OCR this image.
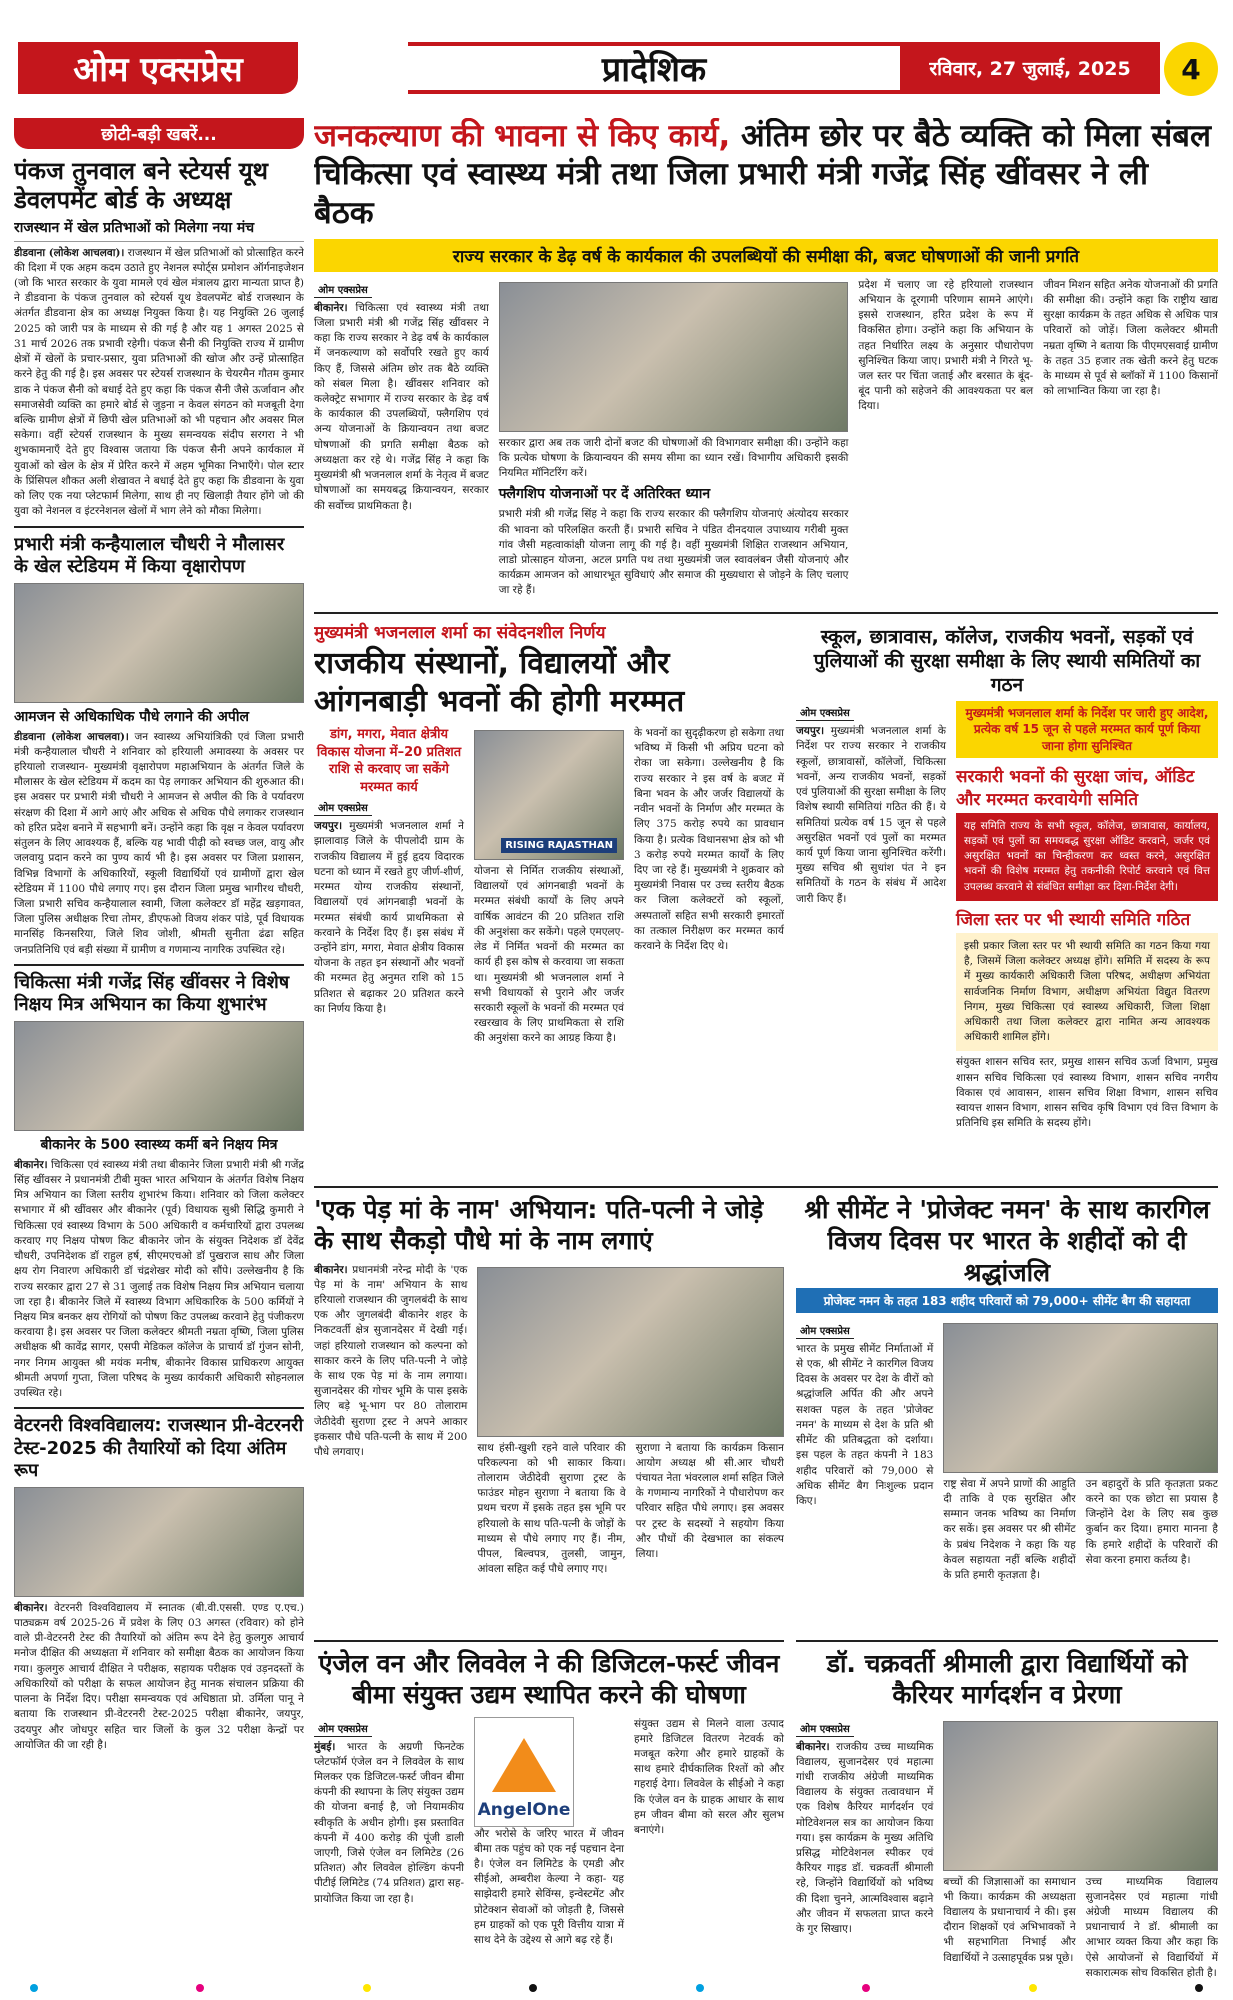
ओम एक्सप्रेस	प्रादेशिक	रविवार, 27 जुलाई, 2025	4
छोटी-बड़ी खबरें...
पंकज तुनवाल बने स्टेयर्स यूथ डेवलपमेंट बोर्ड के अध्यक्ष
राजस्थान में खेल प्रतिभाओं को मिलेगा नया मंच

डीडवाना (लोकेश आचलवा)। राजस्थान में खेल प्रतिभाओं को प्रोत्साहित करने की दिशा में एक अहम कदम उठाते हुए नेशनल स्पोर्ट्स प्रमोशन ऑर्गनाइजेशन (जो कि भारत सरकार के युवा मामले एवं खेल मंत्रालय द्वारा मान्यता प्राप्त है) ने डीडवाना के पंकज तुनवाल को स्टेयर्स यूथ डेवलपमेंट बोर्ड राजस्थान के अंतर्गत डीडवाना क्षेत्र का अध्यक्ष नियुक्त किया है। यह नियुक्ति 26 जुलाई 2025 को जारी पत्र के माध्यम से की गई है और यह 1 अगस्त 2025 से 31 मार्च 2026 तक प्रभावी रहेगी। पंकज सैनी की नियुक्ति राज्य में ग्रामीण क्षेत्रों में खेलों के प्रचार-प्रसार, युवा प्रतिभाओं की खोज और उन्हें प्रोत्साहित करने हेतु की गई है। इस अवसर पर स्टेयर्स राजस्थान के चेयरमैन गौतम कुमार डाक ने पंकज सैनी को बधाई देते हुए कहा कि पंकज सैनी जैसे ऊर्जावान और समाजसेवी व्यक्ति का हमारे बोर्ड से जुड़ना न केवल संगठन को मजबूती देगा बल्कि ग्रामीण क्षेत्रों में छिपी खेल प्रतिभाओं को भी पहचान और अवसर मिल सकेगा। वहीं स्टेयर्स राजस्थान के मुख्य समन्वयक संदीप सरगरा ने भी शुभकामनाएँ देते हुए विश्वास जताया कि पंकज सैनी अपने कार्यकाल में युवाओं को खेल के क्षेत्र में प्रेरित करने में अहम भूमिका निभाएँगे। पोल स्टार के प्रिंसिपल शौकत अली शेखावत ने बधाई देते हुए कहा कि डीडवाना के युवा को लिए एक नया प्लेटफार्म मिलेगा, साथ ही नए खिलाड़ी तैयार होंगे जो की युवा को नेशनल व इंटरनेशनल खेलों में भाग लेने को मौका मिलेगा।

प्रभारी मंत्री कन्हैयालाल चौधरी ने मौलासर के खेल स्टेडियम में किया वृक्षारोपण
आमजन से अधिकाधिक पौधे लगाने की अपील

डीडवाना (लोकेश आचलवा)। जन स्वास्थ्य अभियांत्रिकी एवं जिला प्रभारी मंत्री कन्हैयालाल चौधरी ने शनिवार को हरियाली अमावस्या के अवसर पर हरियालो राजस्थान- मुख्यमंत्री वृक्षारोपण महाअभियान के अंतर्गत जिले के मौलासर के खेल स्टेडियम में कदम का पेड़ लगाकर अभियान की शुरुआत की। इस अवसर पर प्रभारी मंत्री चौधरी ने आमजन से अपील की कि वे पर्यावरण संरक्षण की दिशा में आगे आएं और अधिक से अधिक पौधे लगाकर राजस्थान को हरित प्रदेश बनाने में सहभागी बनें। उन्होंने कहा कि वृक्ष न केवल पर्यावरण संतुलन के लिए आवश्यक हैं, बल्कि यह भावी पीढ़ी को स्वच्छ जल, वायु और जलवायु प्रदान करने का पुण्य कार्य भी है। इस अवसर पर जिला प्रशासन, विभिन्न विभागों के अधिकारियों, स्कूली विद्यार्थियों एवं ग्रामीणों द्वारा खेल स्टेडियम में 1100 पौधे लगाए गए। इस दौरान जिला प्रमुख भागीरथ चौधरी, जिला प्रभारी सचिव कन्हैयालाल स्वामी, जिला कलेक्टर डॉ महेंद्र खड़गावत, जिला पुलिस अधीक्षक रिचा तोमर, डीएफओ विजय शंकर पांडे, पूर्व विधायक मानसिंह किनसरिया, जिले शिव जोशी, श्रीमती सुनीता ढंढा सहित जनप्रतिनिधि एवं बड़ी संख्या में ग्रामीण व गणमान्य नागरिक उपस्थित रहे।

चिकित्सा मंत्री गजेंद्र सिंह खींवसर ने विशेष निक्षय मित्र अभियान का किया शुभारंभ
बीकानेर के 500 स्वास्थ्य कर्मी बने निक्षय मित्र

बीकानेर। चिकित्सा एवं स्वास्थ्य मंत्री तथा बीकानेर जिला प्रभारी मंत्री श्री गजेंद्र सिंह खींवसर ने प्रधानमंत्री टीबी मुक्त भारत अभियान के अंतर्गत विशेष निक्षय मित्र अभियान का जिला स्तरीय शुभारंभ किया। शनिवार को जिला कलेक्टर सभागार में श्री खींवसर और बीकानेर (पूर्व) विधायक सुश्री सिद्धि कुमारी ने चिकित्सा एवं स्वास्थ्य विभाग के 500 अधिकारी व कर्मचारियों द्वारा उपलब्ध करवाए गए निक्षय पोषण किट बीकानेर जोन के संयुक्त निदेशक डॉ देवेंद्र चौधरी, उपनिदेशक डॉ राहुल हर्ष, सीएमएचओ डॉ पुखराज साध और जिला क्षय रोग निवारण अधिकारी डॉ चंद्रशेखर मोदी को सौंपे। उल्लेखनीय है कि राज्य सरकार द्वारा 27 से 31 जुलाई तक विशेष निक्षय मित्र अभियान चलाया जा रहा है। बीकानेर जिले में स्वास्थ्य विभाग अधिकारिक के 500 कर्मियों ने निक्षय मित्र बनकर क्षय रोगियों को पोषण किट उपलब्ध करवाने हेतु पंजीकरण करवाया है। इस अवसर पर जिला कलेक्टर श्रीमती नम्रता वृष्णि, जिला पुलिस अधीक्षक श्री कावेंद्र सागर, एसपी मेडिकल कॉलेज के प्राचार्य डॉ गुंजन सोनी, नगर निगम आयुक्त श्री मयंक मनीष, बीकानेर विकास प्राधिकरण आयुक्त श्रीमती अपर्णा गुप्ता, जिला परिषद के मुख्य कार्यकारी अधिकारी सोहनलाल उपस्थित रहे।

वेटरनरी विश्वविद्यालय: राजस्थान प्री-वेटरनरी टेस्ट-2025 की तैयारियों को दिया अंतिम रूप

बीकानेर। वेटरनरी विश्वविद्यालय में स्नातक (बी.वी.एससी. एण्ड ए.एच.) पाठ्यक्रम वर्ष 2025-26 में प्रवेश के लिए 03 अगस्त (रविवार) को होने वाले प्री-वेटरनरी टेस्ट की तैयारियों को अंतिम रूप देने हेतु कुलगुरु आचार्य मनोज दीक्षित की अध्यक्षता में शनिवार को समीक्षा बैठक का आयोजन किया गया। कुलगुरु आचार्य दीक्षित ने परीक्षक, सहायक परीक्षक एवं उड़नदस्तों के अधिकारियों को परीक्षा के सफल आयोजन हेतु मानक संचालन प्रक्रिया की पालना के निर्देश दिए। परीक्षा समन्वयक एवं अधिष्ठाता प्रो. उर्मिला पानू ने बताया कि राजस्थान प्री-वेटरनरी टेस्ट-2025 परीक्षा बीकानेर, जयपुर, उदयपुर और जोधपुर सहित चार जिलों के कुल 32 परीक्षा केन्द्रों पर आयोजित की जा रही है।

जनकल्याण की भावना से किए कार्य, अंतिम छोर पर बैठे व्यक्ति को मिला संबल
चिकित्सा एवं स्वास्थ्य मंत्री तथा जिला प्रभारी मंत्री गजेंद्र सिंह खींवसर ने ली बैठक
राज्य सरकार के डेढ़ वर्ष के कार्यकाल की उपलब्धियों की समीक्षा की, बजट घोषणाओं की जानी प्रगति
ओम एक्सप्रेस

बीकानेर। चिकित्सा एवं स्वास्थ्य मंत्री तथा जिला प्रभारी मंत्री श्री गजेंद्र सिंह खींवसर ने कहा कि राज्य सरकार ने डेढ़ वर्ष के कार्यकाल में जनकल्याण को सर्वोपरि रखते हुए कार्य किए हैं, जिससे अंतिम छोर तक बैठे व्यक्ति को संबल मिला है। खींवसर शनिवार को कलेक्ट्रेट सभागार में राज्य सरकार के डेढ़ वर्ष के कार्यकाल की उपलब्धियों, फ्लैगशिप एवं अन्य योजनाओं के क्रियान्वयन तथा बजट घोषणाओं की प्रगति समीक्षा बैठक को अध्यक्षता कर रहे थे। गजेंद्र सिंह ने कहा कि मुख्यमंत्री श्री भजनलाल शर्मा के नेतृत्व में बजट घोषणाओं का समयबद्ध क्रियान्वयन, सरकार की सर्वोच्च प्राथमिकता है।

सरकार द्वारा अब तक जारी दोनों बजट की घोषणाओं की विभागवार समीक्षा की। उन्होंने कहा कि प्रत्येक घोषणा के क्रियान्वयन की समय सीमा का ध्यान रखें। विभागीय अधिकारी इसकी नियमित मॉनिटरिंग करें।

फ्लैगशिप योजनाओं पर दें अतिरिक्त ध्यान

प्रभारी मंत्री श्री गजेंद्र सिंह ने कहा कि राज्य सरकार की फ्लैगशिप योजनाएं अंत्योदय सरकार की भावना को परिलक्षित करती हैं। प्रभारी सचिव ने पंडित दीनदयाल उपाध्याय गरीबी मुक्त गांव जैसी महत्वाकांक्षी योजना लागू की गई है। वहीं मुख्यमंत्री शिक्षित राजस्थान अभियान, लाडो प्रोत्साहन योजना, अटल प्रगति पथ तथा मुख्यमंत्री जल स्वावलंबन जैसी योजनाएं और कार्यक्रम आमजन को आधारभूत सुविधाएं और समाज की मुख्यधारा से जोड़ने के लिए चलाए जा रहे हैं।

प्रदेश में चलाए जा रहे हरियालो राजस्थान अभियान के दूरगामी परिणाम सामने आएंगे। इससे राजस्थान, हरित प्रदेश के रूप में विकसित होगा। उन्होंने कहा कि अभियान के तहत निर्धारित लक्ष्य के अनुसार पौधारोपण सुनिश्चित किया जाए। प्रभारी मंत्री ने गिरते भू-जल स्तर पर चिंता जताई और बरसात के बूंद-बूंद पानी को सहेजने की आवश्यकता पर बल दिया।

जीवन मिशन सहित अनेक योजनाओं की प्रगति की समीक्षा की। उन्होंने कहा कि राष्ट्रीय खाद्य सुरक्षा कार्यक्रम के तहत अधिक से अधिक पात्र परिवारों को जोड़ें। जिला कलेक्टर श्रीमती नम्रता वृष्णि ने बताया कि पीएमएसवाई ग्रामीण के तहत 35 हजार तक खेती करने हेतु घटक के माध्यम से पूर्व से ब्लॉकों में 1100 किसानों को लाभान्वित किया जा रहा है।

मुख्यमंत्री भजनलाल शर्मा का संवेदनशील निर्णय
राजकीय संस्थानों, विद्यालयों और आंगनबाड़ी भवनों की होगी मरम्मत
डांग, मगरा, मेवात क्षेत्रीय विकास योजना में–20 प्रतिशत राशि से करवाए जा सकेंगे मरम्मत कार्य
ओम एक्सप्रेस

जयपुर। मुख्यमंत्री भजनलाल शर्मा ने झालावाड़ जिले के पीपलोदी ग्राम के राजकीय विद्यालय में हुई हृदय विदारक घटना को ध्यान में रखते हुए जीर्ण-शीर्ण, मरम्मत योग्य राजकीय संस्थानों, विद्यालयों एवं आंगनबाड़ी भवनों के मरम्मत संबंधी कार्य प्राथमिकता से करवाने के निर्देश दिए हैं। इस संबंध में उन्होंने डांग, मगरा, मेवात क्षेत्रीय विकास योजना के तहत इन संस्थानों और भवनों की मरम्मत हेतु अनुमत राशि को 15 प्रतिशत से बढ़ाकर 20 प्रतिशत करने का निर्णय किया है।

RISING RAJASTHAN

योजना से निर्मित राजकीय संस्थाओं, विद्यालयों एवं आंगनबाड़ी भवनों के मरम्मत संबंधी कार्यों के लिए अपने वार्षिक आवंटन की 20 प्रतिशत राशि की अनुशंसा कर सकेंगे। पहले एमएलए-लेड में निर्मित भवनों की मरम्मत का कार्य ही इस कोष से करवाया जा सकता था। मुख्यमंत्री श्री भजनलाल शर्मा ने सभी विधायकों से पुराने और जर्जर सरकारी स्कूलों के भवनों की मरम्मत एवं रखरखाव के लिए प्राथमिकता से राशि की अनुशंसा करने का आग्रह किया है।

के भवनों का सुदृढ़ीकरण हो सकेगा तथा भविष्य में किसी भी अप्रिय घटना को रोका जा सकेगा। उल्लेखनीय है कि राज्य सरकार ने इस वर्ष के बजट में बिना भवन के और जर्जर विद्यालयों के नवीन भवनों के निर्माण और मरम्मत के लिए 375 करोड़ रुपये का प्रावधान किया है। प्रत्येक विधानसभा क्षेत्र को भी 3 करोड़ रुपये मरम्मत कार्यों के लिए दिए जा रहे हैं। मुख्यमंत्री ने शुक्रवार को मुख्यमंत्री निवास पर उच्च स्तरीय बैठक कर जिला कलेक्टरों को स्कूलों, अस्पतालों सहित सभी सरकारी इमारतों का तत्काल निरीक्षण कर मरम्मत कार्य करवाने के निर्देश दिए थे।

स्कूल, छात्रावास, कॉलेज, राजकीय भवनों, सड़कों एवं पुलियाओं की सुरक्षा समीक्षा के लिए स्थायी समितियों का गठन
ओम एक्सप्रेस

जयपुर। मुख्यमंत्री भजनलाल शर्मा के निर्देश पर राज्य सरकार ने राजकीय स्कूलों, छात्रावासों, कॉलेजों, चिकित्सा भवनों, अन्य राजकीय भवनों, सड़कों एवं पुलियाओं की सुरक्षा समीक्षा के लिए विशेष स्थायी समितियां गठित की हैं। ये समितियां प्रत्येक वर्ष 15 जून से पहले असुरक्षित भवनों एवं पुलों का मरम्मत कार्य पूर्ण किया जाना सुनिश्चित करेंगी। मुख्य सचिव श्री सुधांश पंत ने इन समितियों के गठन के संबंध में आदेश जारी किए हैं।

मुख्यमंत्री भजनलाल शर्मा के निर्देश पर जारी हुए आदेश, प्रत्येक वर्ष 15 जून से पहले मरम्मत कार्य पूर्ण किया जाना होगा सुनिश्चित
सरकारी भवनों की सुरक्षा जांच, ऑडिट और मरम्मत करवायेगी समिति

यह समिति राज्य के सभी स्कूल, कॉलेज, छात्रावास, कार्यालय, सड़कों एवं पुलों का समयबद्ध सुरक्षा ऑडिट करवाने, जर्जर एवं असुरक्षित भवनों का चिन्हीकरण कर ध्वस्त करने, असुरक्षित भवनों की विशेष मरम्मत हेतु तकनीकी रिपोर्ट करवाने एवं वित्त उपलब्ध करवाने से संबंधित समीक्षा कर दिशा-निर्देश देगी।

जिला स्तर पर भी स्थायी समिति गठित

इसी प्रकार जिला स्तर पर भी स्थायी समिति का गठन किया गया है, जिसमें जिला कलेक्टर अध्यक्ष होंगे। समिति में सदस्य के रूप में मुख्य कार्यकारी अधिकारी जिला परिषद, अधीक्षण अभियंता सार्वजनिक निर्माण विभाग, अधीक्षण अभियंता विद्युत वितरण निगम, मुख्य चिकित्सा एवं स्वास्थ्य अधिकारी, जिला शिक्षा अधिकारी तथा जिला कलेक्टर द्वारा नामित अन्य आवश्यक अधिकारी शामिल होंगे।

संयुक्त शासन सचिव स्तर, प्रमुख शासन सचिव ऊर्जा विभाग, प्रमुख शासन सचिव चिकित्सा एवं स्वास्थ्य विभाग, शासन सचिव नगरीय विकास एवं आवासन, शासन सचिव शिक्षा विभाग, शासन सचिव स्वायत्त शासन विभाग, शासन सचिव कृषि विभाग एवं वित्त विभाग के प्रतिनिधि इस समिति के सदस्य होंगे।

'एक पेड़ मां के नाम' अभियान: पति-पत्नी ने जोड़े के साथ सैकड़ो पौधे मां के नाम लगाएं

बीकानेर। प्रधानमंत्री नरेन्द्र मोदी के 'एक पेड़ मां के नाम' अभियान के साथ हरियालो राजस्थान की जुगलबंदी के साथ एक और जुगलबंदी बीकानेर शहर के निकटवर्ती क्षेत्र सुजानदेसर में देखी गई। जहां हरियालो राजस्थान को कल्पना को साकार करने के लिए पति-पत्नी ने जोड़े के साथ एक पेड़ मां के नाम लगाया। सुजानदेसर की गोचर भूमि के पास इसके लिए बड़े भू-भाग पर 80 तोलाराम जेठीदेवी सुराणा ट्रस्ट ने अपने आकार इकसार पौधे पति-पत्नी के साथ में 200 पौधे लगवाए।	साथ हंसी-खुशी रहने वाले परिवार की परिकल्पना को भी साकार किया। तोलाराम जेठीदेवी सुराणा ट्रस्ट के फाउंडर मोहन सुराणा ने बताया कि वे प्रथम चरण में इसके तहत इस भूमि पर हरियालो के साथ पति-पत्नी के जोड़ों के माध्यम से पौधे लगाए गए हैं। नीम, पीपल, बिल्वपत्र, तुलसी, जामुन, आंवला सहित कई पौधे लगाए गए।

सुराणा ने बताया कि कार्यक्रम किसान आयोग अध्यक्ष श्री सी.आर चौधरी पंचायत नेता भंवरलाल शर्मा सहित जिले के गणमान्य नागरिकों ने पौधारोपण कर परिवार सहित पौधे लगाए। इस अवसर पर ट्रस्ट के सदस्यों ने सहयोग किया और पौधों की देखभाल का संकल्प लिया।

एंजेल वन और लिववेल ने की डिजिटल-फर्स्ट जीवन बीमा संयुक्त उद्यम स्थापित करने की घोषणा
ओम एक्सप्रेस

मुंबई। भारत के अग्रणी फिनटेक प्लेटफॉर्म एंजेल वन ने लिववेल के साथ मिलकर एक डिजिटल-फर्स्ट जीवन बीमा कंपनी की स्थापना के लिए संयुक्त उद्यम की योजना बनाई है, जो नियामकीय स्वीकृति के अधीन होगी। इस प्रस्तावित कंपनी में 400 करोड़ की पूंजी डाली जाएगी, जिसे एंजेल वन लिमिटेड (26 प्रतिशत) और लिववेल होल्डिंग कंपनी पीटीई लिमिटेड (74 प्रतिशत) द्वारा सह-प्रायोजित किया जा रहा है।

AngelOne

और भरोसे के जरिए भारत में जीवन बीमा तक पहुंच को एक नई पहचान देना है। एंजेल वन लिमिटेड के एमडी और सीईओ, अम्बरीश केल्या ने कहा- यह साझेदारी हमारे सेविंग्स, इन्वेस्टमेंट और प्रोटेक्शन सेवाओं को जोड़ती है, जिससे हम ग्राहकों को एक पूरी वित्तीय यात्रा में साथ देने के उद्देश्य से आगे बढ़ रहे हैं।

संयुक्त उद्यम से मिलने वाला उत्पाद हमारे डिजिटल वितरण नेटवर्क को मजबूत करेगा और हमारे ग्राहकों के साथ हमारे दीर्घकालिक रिश्तों को और गहराई देगा। लिववेल के सीईओ ने कहा कि एंजेल वन के ग्राहक आधार के साथ हम जीवन बीमा को सरल और सुलभ बनाएंगे।

श्री सीमेंट ने 'प्रोजेक्ट नमन' के साथ कारगिल विजय दिवस पर भारत के शहीदों को दी श्रद्धांजलि
प्रोजेक्ट नमन के तहत 183 शहीद परिवारों को 79,000+ सीमेंट बैग की सहायता
ओम एक्सप्रेस

भारत के प्रमुख सीमेंट निर्माताओं में से एक, श्री सीमेंट ने कारगिल विजय दिवस के अवसर पर देश के वीरों को श्रद्धांजलि अर्पित की और अपने सशक्त पहल के तहत 'प्रोजेक्ट नमन' के माध्यम से देश के प्रति श्री सीमेंट की प्रतिबद्धता को दर्शाया। इस पहल के तहत कंपनी ने 183 शहीद परिवारों को 79,000 से अधिक सीमेंट बैग निःशुल्क प्रदान किए।

राष्ट्र सेवा में अपने प्राणों की आहुति दी ताकि वे एक सुरक्षित और सम्मान जनक भविष्य का निर्माण कर सकें। इस अवसर पर श्री सीमेंट के प्रबंध निदेशक ने कहा कि यह केवल सहायता नहीं बल्कि शहीदों के प्रति हमारी कृतज्ञता है।

उन बहादुरों के प्रति कृतज्ञता प्रकट करने का एक छोटा सा प्रयास है जिन्होंने देश के लिए सब कुछ कुर्बान कर दिया। हमारा मानना है कि हमारे शहीदों के परिवारों की सेवा करना हमारा कर्तव्य है।

डॉ. चक्रवर्ती श्रीमाली द्वारा विद्यार्थियों को कैरियर मार्गदर्शन व प्रेरणा
ओम एक्सप्रेस

बीकानेर। राजकीय उच्च माध्यमिक विद्यालय, सुजानदेसर एवं महात्मा गांधी राजकीय अंग्रेजी माध्यमिक विद्यालय के संयुक्त तत्वावधान में एक विशेष कैरियर मार्गदर्शन एवं मोटिवेशनल सत्र का आयोजन किया गया। इस कार्यक्रम के मुख्य अतिथि प्रसिद्ध मोटिवेशनल स्पीकर एवं कैरियर गाइड डॉ. चक्रवर्ती श्रीमाली रहे, जिन्होंने विद्यार्थियों को भविष्य की दिशा चुनने, आत्मविश्वास बढ़ाने और जीवन में सफलता प्राप्त करने के गुर सिखाए।

बच्चों की जिज्ञासाओं का समाधान भी किया। कार्यक्रम की अध्यक्षता विद्यालय के प्रधानाचार्य ने की। इस दौरान शिक्षकों एवं अभिभावकों ने भी सहभागिता निभाई और विद्यार्थियों ने उत्साहपूर्वक प्रश्न पूछे।

उच्च माध्यमिक विद्यालय सुजानदेसर एवं महात्मा गांधी अंग्रेजी माध्यम विद्यालय की प्रधानाचार्य ने डॉ. श्रीमाली का आभार व्यक्त किया और कहा कि ऐसे आयोजनों से विद्यार्थियों में सकारात्मक सोच विकसित होती है।
